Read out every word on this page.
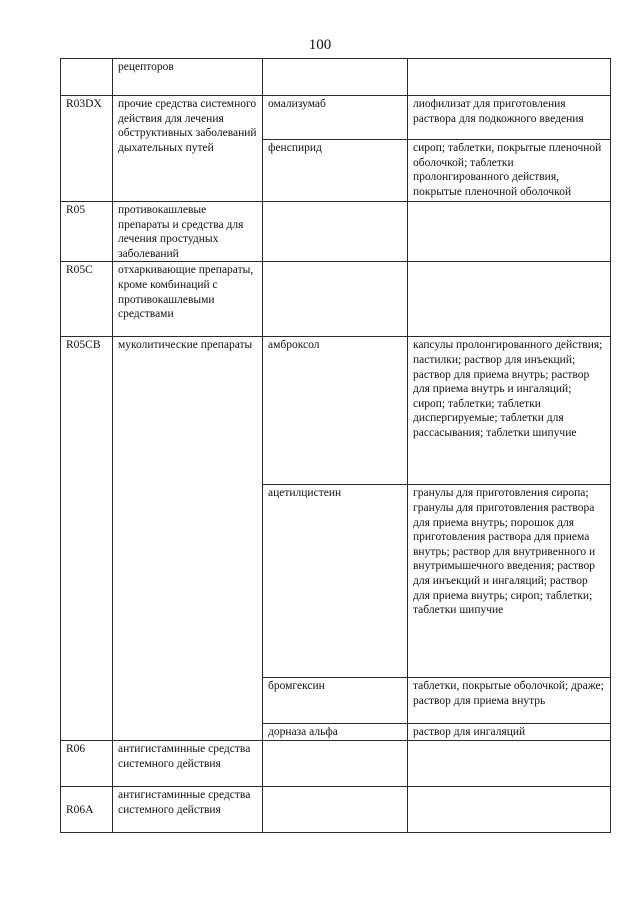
100
	рецепторов		
R03DX	прочие средства системного действия для лечения обструктивных заболеваний дыхательных путей	омализумаб	лиофилизат для приготовления раствора для подкожного введения
		фенспирид	сироп; таблетки, покрытые пленочной оболочкой; таблетки пролонгированного действия, покрытые пленочной оболочкой
R05	противокашлевые препараты и средства для лечения простудных заболеваний		
R05C	отхаркивающие препараты, кроме комбинаций с противокашлевыми средствами		
R05CB	муколитические препараты	амброксол	капсулы пролонгированного действия; пастилки; раствор для инъекций; раствор для приема внутрь; раствор для приема внутрь и ингаляций; сироп; таблетки; таблетки диспергируемые; таблетки для рассасывания; таблетки шипучие
		ацетилцистеин	гранулы для приготовления сиропа; гранулы для приготовления раствора для приема внутрь; порошок для приготовления раствора для приема внутрь; раствор для внутривенного и внутримышечного введения; раствор для инъекций и ингаляций; раствор для приема внутрь; сироп; таблетки; таблетки шипучие
		бромгексин	таблетки, покрытые оболочкой; драже; раствор для приема внутрь
		дорназа альфа	раствор для ингаляций
R06	антигистаминные средства системного действия		
R06A	антигистаминные средства системного действия		
